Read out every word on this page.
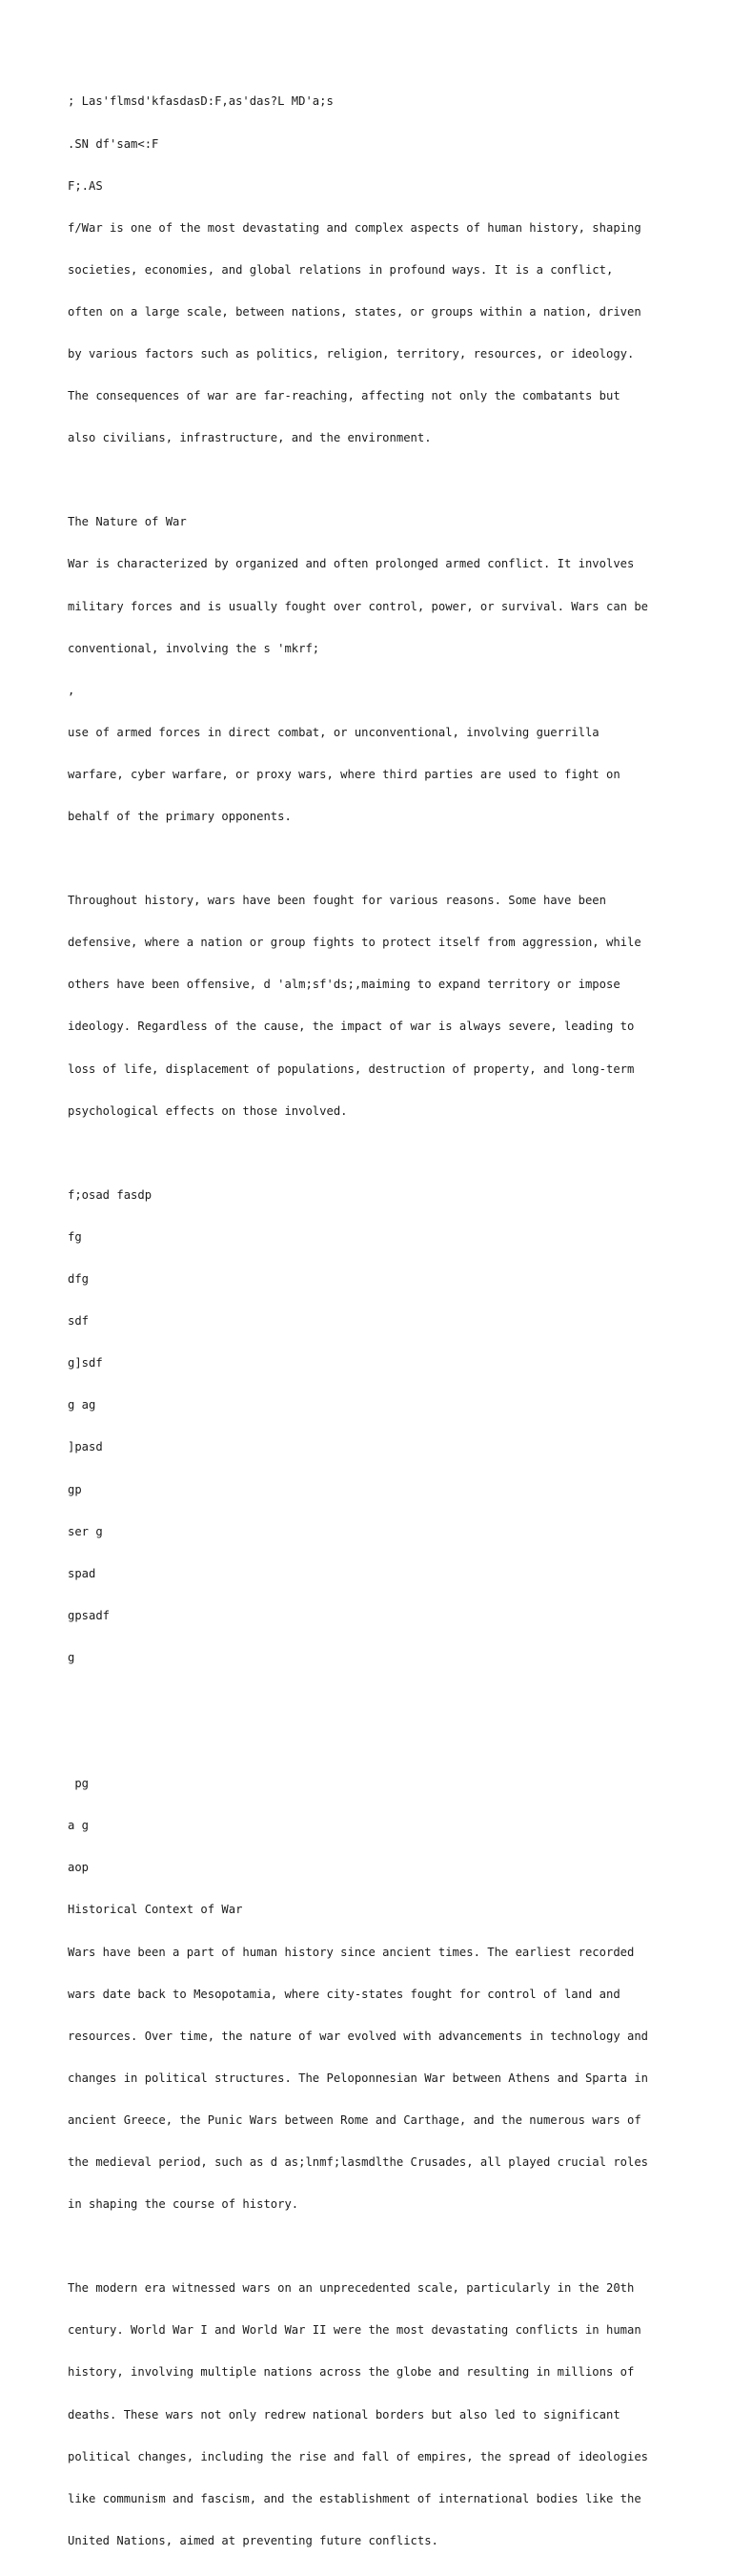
; Las'flmsd'kfasdasD:F,as'das?L MD'a;s

.SN df'sam<:F

F;.AS

f/War is one of the most devastating and complex aspects of human history, shaping

societies, economies, and global relations in profound ways. It is a conflict,

often on a large scale, between nations, states, or groups within a nation, driven

by various factors such as politics, religion, territory, resources, or ideology.

The consequences of war are far-reaching, affecting not only the combatants but

also civilians, infrastructure, and the environment.

The Nature of War

War is characterized by organized and often prolonged armed conflict. It involves

military forces and is usually fought over control, power, or survival. Wars can be

conventional, involving the s 'mkrf;

,

use of armed forces in direct combat, or unconventional, involving guerrilla

warfare, cyber warfare, or proxy wars, where third parties are used to fight on

behalf of the primary opponents.

Throughout history, wars have been fought for various reasons. Some have been

defensive, where a nation or group fights to protect itself from aggression, while

others have been offensive, d 'alm;sf'ds;,maiming to expand territory or impose

ideology. Regardless of the cause, the impact of war is always severe, leading to

loss of life, displacement of populations, destruction of property, and long-term

psychological effects on those involved.

f;osad fasdp

fg

dfg

sdf

g]sdf

g ag

]pasd

gp

ser g

spad

gpsadf

g

pg

a g

aop

Historical Context of War

Wars have been a part of human history since ancient times. The earliest recorded

wars date back to Mesopotamia, where city-states fought for control of land and

resources. Over time, the nature of war evolved with advancements in technology and

changes in political structures. The Peloponnesian War between Athens and Sparta in

ancient Greece, the Punic Wars between Rome and Carthage, and the numerous wars of

the medieval period, such as d as;lnmf;lasmdlthe Crusades, all played crucial roles

in shaping the course of history.

The modern era witnessed wars on an unprecedented scale, particularly in the 20th

century. World War I and World War II were the most devastating conflicts in human

history, involving multiple nations across the globe and resulting in millions of

deaths. These wars not only redrew national borders but also led to significant

political changes, including the rise and fall of empires, the spread of ideologies

like communism and fascism, and the establishment of international bodies like the

United Nations, aimed at preventing future conflicts.
